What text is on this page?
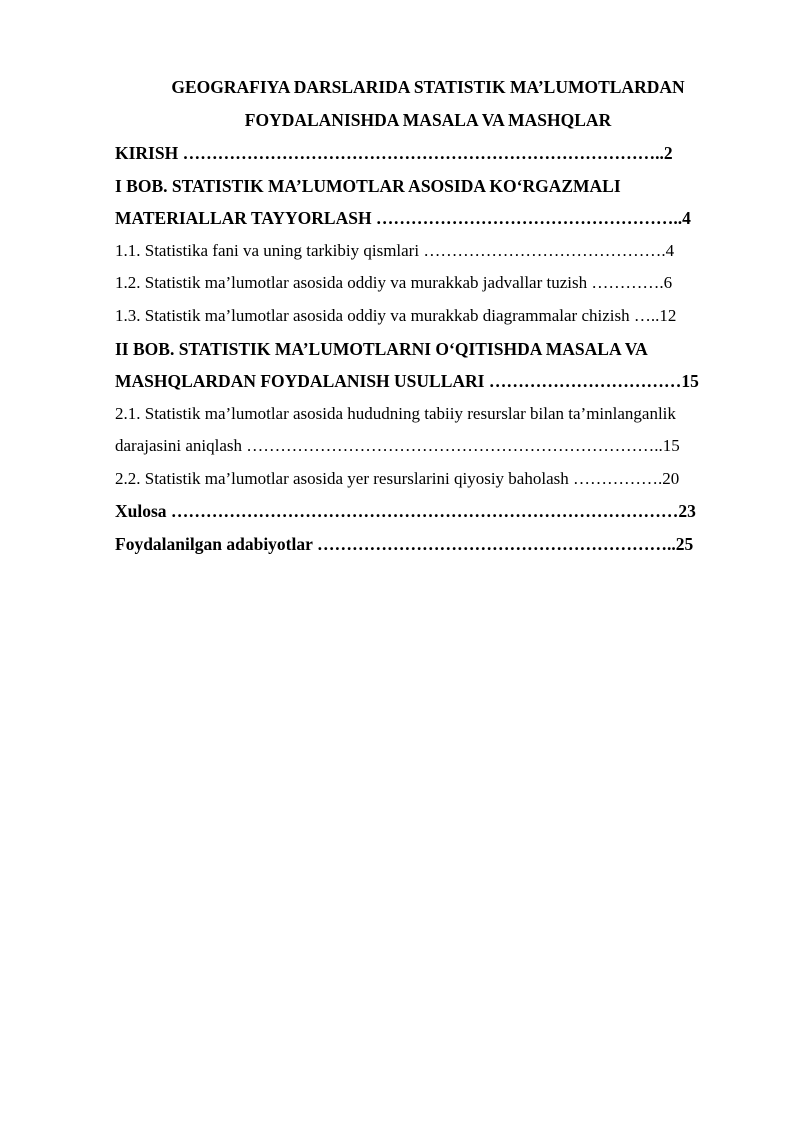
GEOGRAFIYA DARSLARIDA STATISTIK MA’LUMOTLARDAN
FOYDALANISHDA MASALA VA MASHQLAR
KIRISH ………………………………………………………………………..2
I BOB. STATISTIK MA’LUMOTLAR ASOSIDA KO‘RGAZMALI
MATERIALLAR TAYYORLASH ……………………………………………..4
1.1. Statistika fani va uning tarkibiy qismlari …………………………………….4
1.2. Statistik ma’lumotlar asosida oddiy va murakkab jadvallar tuzish ………….6
1.3. Statistik ma’lumotlar asosida oddiy va murakkab diagrammalar chizish …..12
II BOB. STATISTIK MA’LUMOTLARNI O‘QITISHDA MASALA VA
MASHQLARDAN FOYDALANISH USULLARI ……………………………15
2.1. Statistik ma’lumotlar asosida hududning tabiiy resurslar bilan ta’minlanganlik
darajasini aniqlash ………………………………………………………………..15
2.2. Statistik ma’lumotlar asosida yer resurslarini qiyosiy baholash …………….20
Xulosa ……………………………………………………………………………23
Foydalanilgan adabiyotlar ……………………………………………………..25
